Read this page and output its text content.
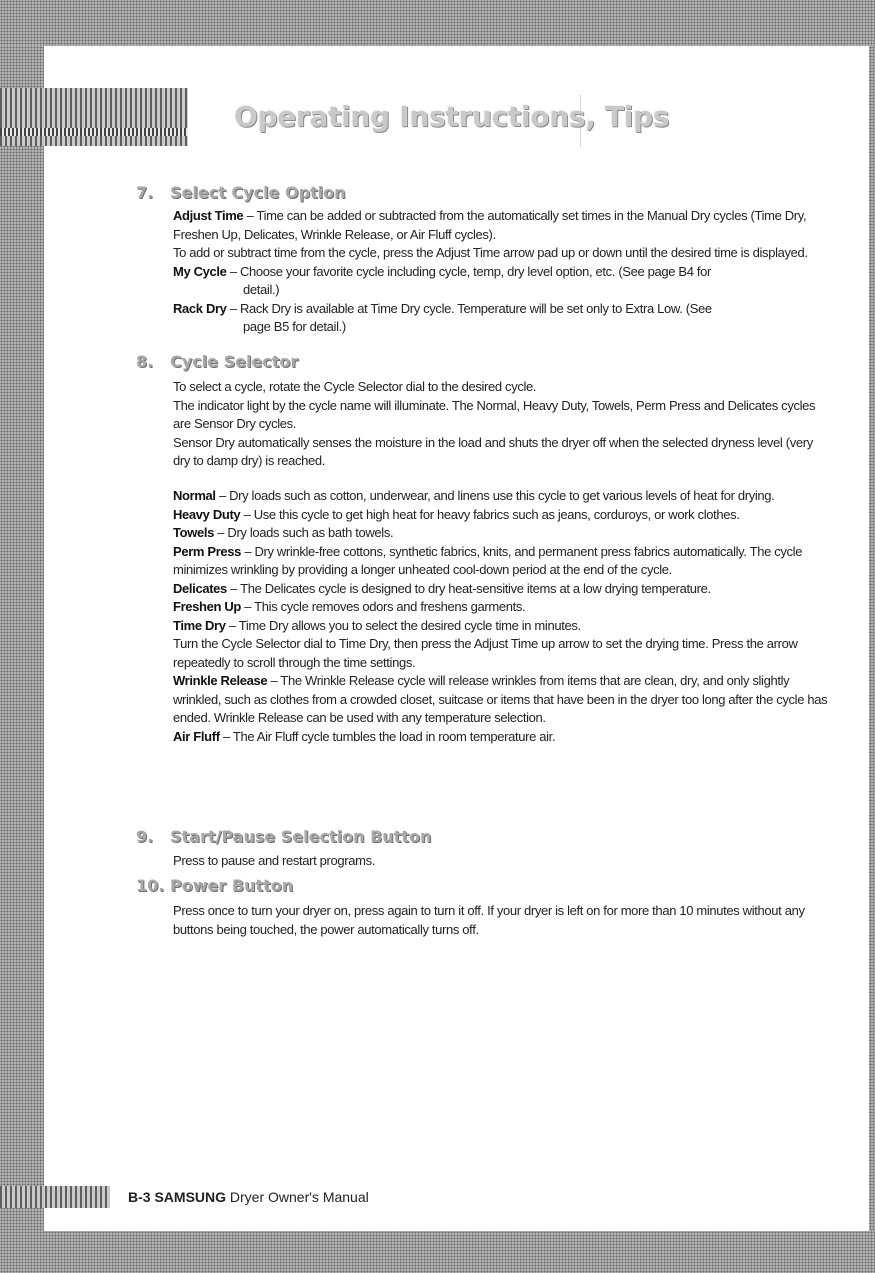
Operating Instructions, Tips
7. Select Cycle Option

Adjust Time – Time can be added or subtracted from the automatically set times in the Manual Dry cycles (Time Dry, Freshen Up, Delicates, Wrinkle Release, or Air Fluff cycles).

To add or subtract time from the cycle, press the Adjust Time arrow pad up or down until the desired time is displayed.

My Cycle – Choose your favorite cycle including cycle, temp, dry level option, etc. (See page B4 for
detail.)

Rack Dry – Rack Dry is available at Time Dry cycle. Temperature will be set only to Extra Low. (See
page B5 for detail.)

8. Cycle Selector

To select a cycle, rotate the Cycle Selector dial to the desired cycle.

The indicator light by the cycle name will illuminate. The Normal, Heavy Duty, Towels, Perm Press and Delicates cycles are Sensor Dry cycles.

Sensor Dry automatically senses the moisture in the load and shuts the dryer off when the selected dryness level (very dry to damp dry) is reached.

Normal – Dry loads such as cotton, underwear, and linens use this cycle to get various levels of heat for drying.

Heavy Duty – Use this cycle to get high heat for heavy fabrics such as jeans, corduroys, or work clothes.

Towels – Dry loads such as bath towels.

Perm Press – Dry wrinkle-free cottons, synthetic fabrics, knits, and permanent press fabrics automatically. The cycle minimizes wrinkling by providing a longer unheated cool-down period at the end of the cycle.

Delicates – The Delicates cycle is designed to dry heat-sensitive items at a low drying temperature.

Freshen Up – This cycle removes odors and freshens garments.

Time Dry – Time Dry allows you to select the desired cycle time in minutes.

Turn the Cycle Selector dial to Time Dry, then press the Adjust Time up arrow to set the drying time. Press the arrow repeatedly to scroll through the time settings.

Wrinkle Release – The Wrinkle Release cycle will release wrinkles from items that are clean, dry, and only slightly wrinkled, such as clothes from a crowded closet, suitcase or items that have been in the dryer too long after the cycle has ended. Wrinkle Release can be used with any temperature selection.

Air Fluff – The Air Fluff cycle tumbles the load in room temperature air.

9. Start/Pause Selection Button

Press to pause and restart programs.

10. Power Button

Press once to turn your dryer on, press again to turn it off. If your dryer is left on for more than 10 minutes without any buttons being touched, the power automatically turns off.

B-3 SAMSUNG Dryer Owner's Manual
